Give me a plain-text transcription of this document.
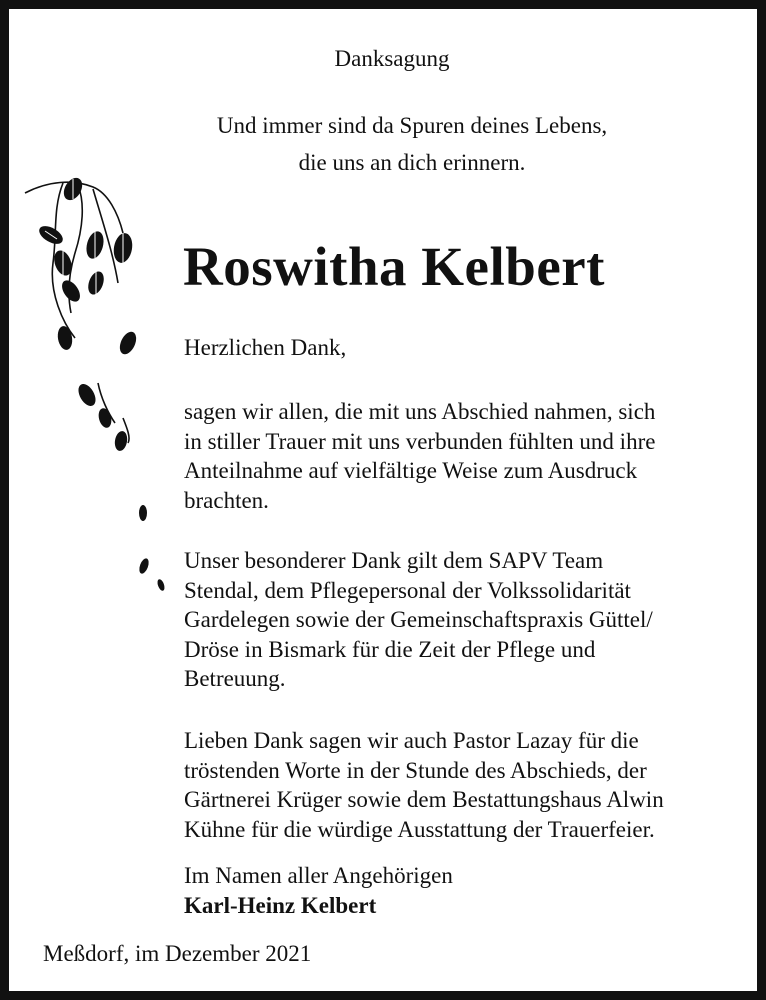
Danksagung
Und immer sind da Spuren deines Lebens,
die uns an dich erinnern.
Roswitha Kelbert

Herzlichen Dank,

sagen wir allen, die mit uns Abschied nahmen, sich
in stiller Trauer mit uns verbunden fühlten und ihre
Anteilnahme auf vielfältige Weise zum Ausdruck
brachten.

Unser besonderer Dank gilt dem SAPV Team
Stendal, dem Pflegepersonal der Volkssolidarität
Gardelegen sowie der Gemeinschaftspraxis Güttel/
Dröse in Bismark für die Zeit der Pflege und
Betreuung.

Lieben Dank sagen wir auch Pastor Lazay für die
tröstenden Worte in der Stunde des Abschieds, der
Gärtnerei Krüger sowie dem Bestattungshaus Alwin
Kühne für die würdige Ausstattung der Trauerfeier.

Im Namen aller Angehörigen
Karl-Heinz Kelbert

Meßdorf, im Dezember 2021
